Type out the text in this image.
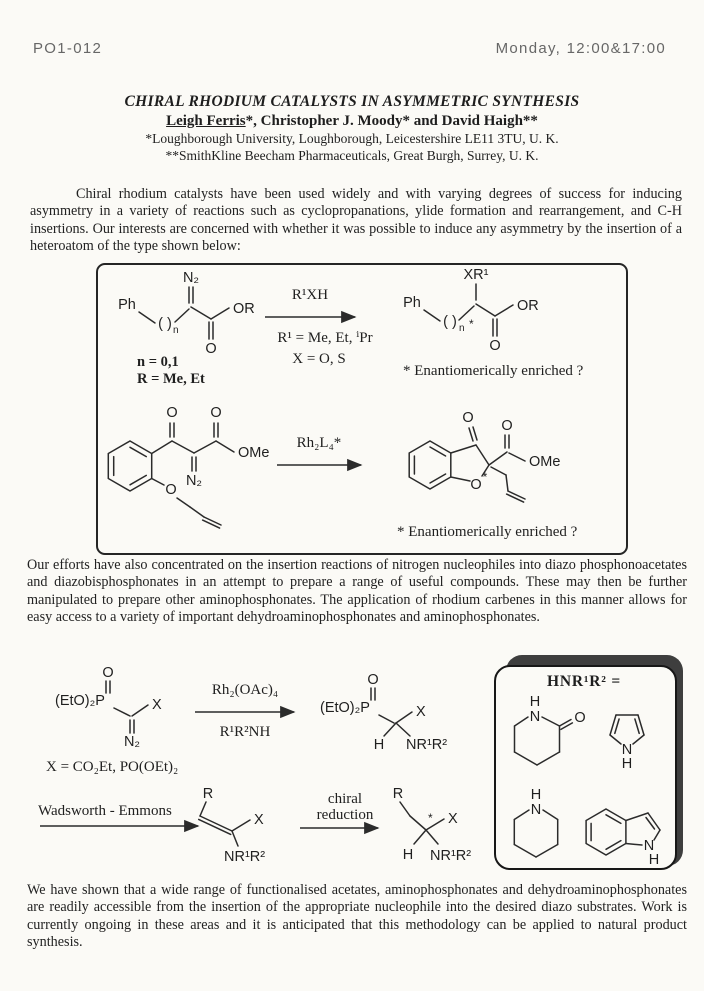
PO1-012	Monday, 12:00&17:00
CHIRAL RHODIUM CATALYSTS IN ASYMMETRIC SYNTHESIS
Leigh Ferris*, Christopher J. Moody* and David Haigh**
*Loughborough University, Loughborough, Leicestershire LE11 3TU, U. K.
**SmithKline Beecham Pharmaceuticals, Great Burgh, Surrey, U. K.

Chiral rhodium catalysts have been used widely and with varying degrees of success for inducing asymmetry in a variety of reactions such as cyclopropanations, ylide formation and rearrangement, and C-H insertions. Our interests are concerned with whether it was possible to induce any asymmetry by the insertion of a heteroatom of the type shown below:

Ph
( ) n
N₂
OR
O
n = 0,1
R = Me, Et
R¹XH
R¹ = Me, Et, ⁱPr
X = O, S
Ph
( ) n *
XR¹
OR
O
* Enantiomerically enriched ?
O
N₂
O
OMe
O
Rh₂L₄*
O
O O
OMe
*
* Enantiomerically enriched ?

Our efforts have also concentrated on the insertion reactions of nitrogen nucleophiles into diazo phosphonoacetates and diazobisphosphonates in an attempt to prepare a range of useful compounds. These may then be further manipulated to prepare other aminophosphonates. The application of rhodium carbenes in this manner allows for easy access to a variety of important dehydroaminophosphonates and aminophosphonates.

(EtO)₂P
O
X
N₂
X = CO₂Et, PO(OEt)₂
Rh₂(OAc)₄
R¹R²NH
(EtO)₂P
O
X
H NR¹R²
Wadsworth - Emmons
R
X
NR¹R²
chiral
reduction
R
* X
H NR¹R²
HNR¹R² =
H
N O
N
H
H
N
N
H

We have shown that a wide range of functionalised acetates, aminophosphonates and dehydroaminophosphonates are readily accessible from the insertion of the appropriate nucleophile into the desired diazo substrates. Work is currently ongoing in these areas and it is anticipated that this methodology can be applied to natural product synthesis.
